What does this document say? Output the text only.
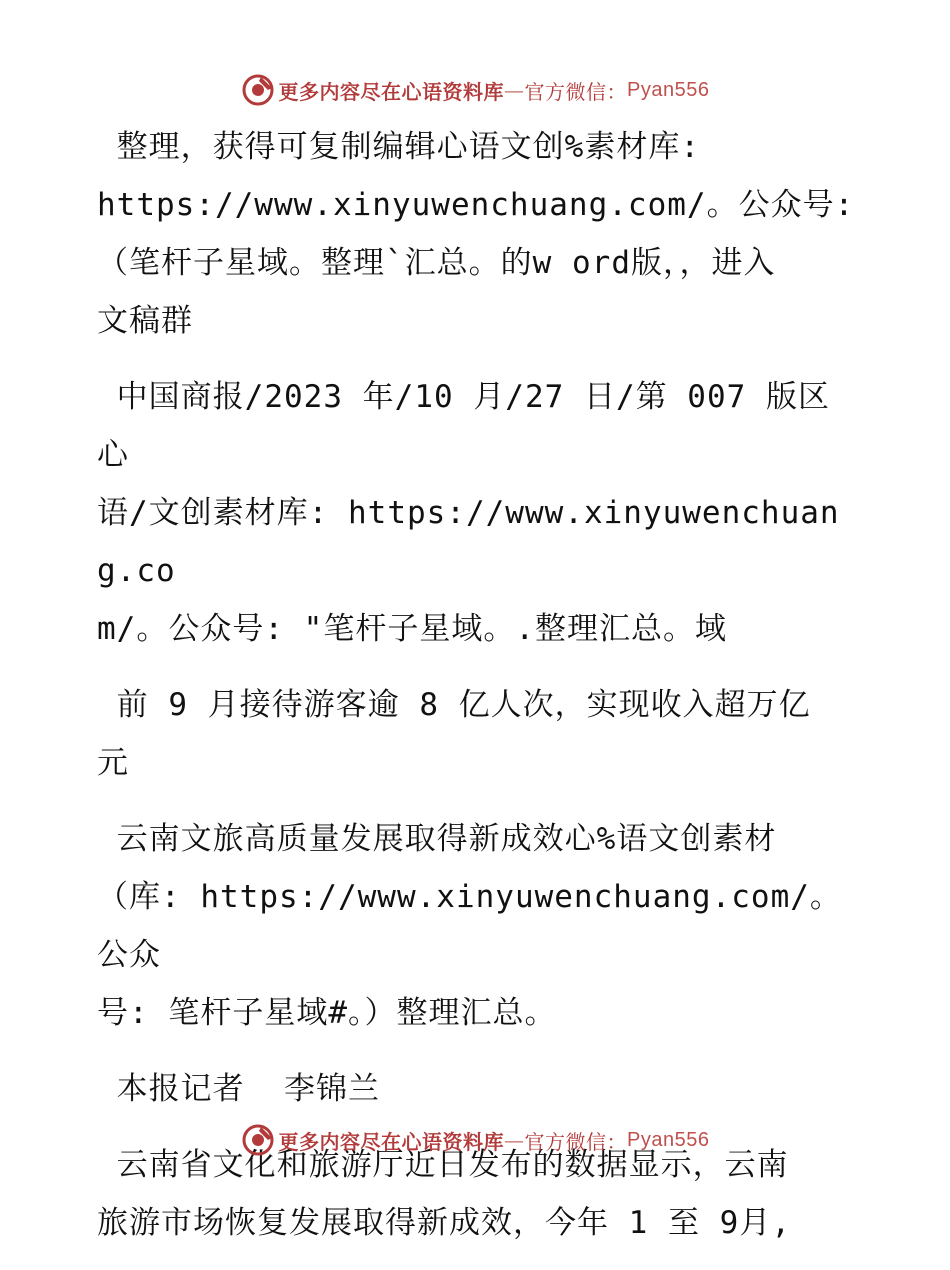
更多内容尽在心语资料库 — 官方微信： Pyan556

整理，获得可复制编辑心语文创%素材库:
https://www.xinyuwenchuang.com/。公众号:
（笔杆子星域。整理`汇总。的w ord版，，进入
文稿群

中国商报/2023 年/10 月/27 日/第 007 版区心
语/文创素材库: https://www.xinyuwenchuang.co
m/。公众号: "笔杆子星域。.整理汇总。域

前 9 月接待游客逾 8 亿人次，实现收入超万亿
元

云南文旅高质量发展取得新成效心%语文创素材
（库: https://www.xinyuwenchuang.com/。公众
号: 笔杆子星域#。）整理汇总。

本报记者  李锦兰

云南省文化和旅游厅近日发布的数据显示，云南
旅游市场恢复发展取得新成效，今年 1 至 9月,

更多内容尽在心语资料库 — 官方微信： Pyan556
